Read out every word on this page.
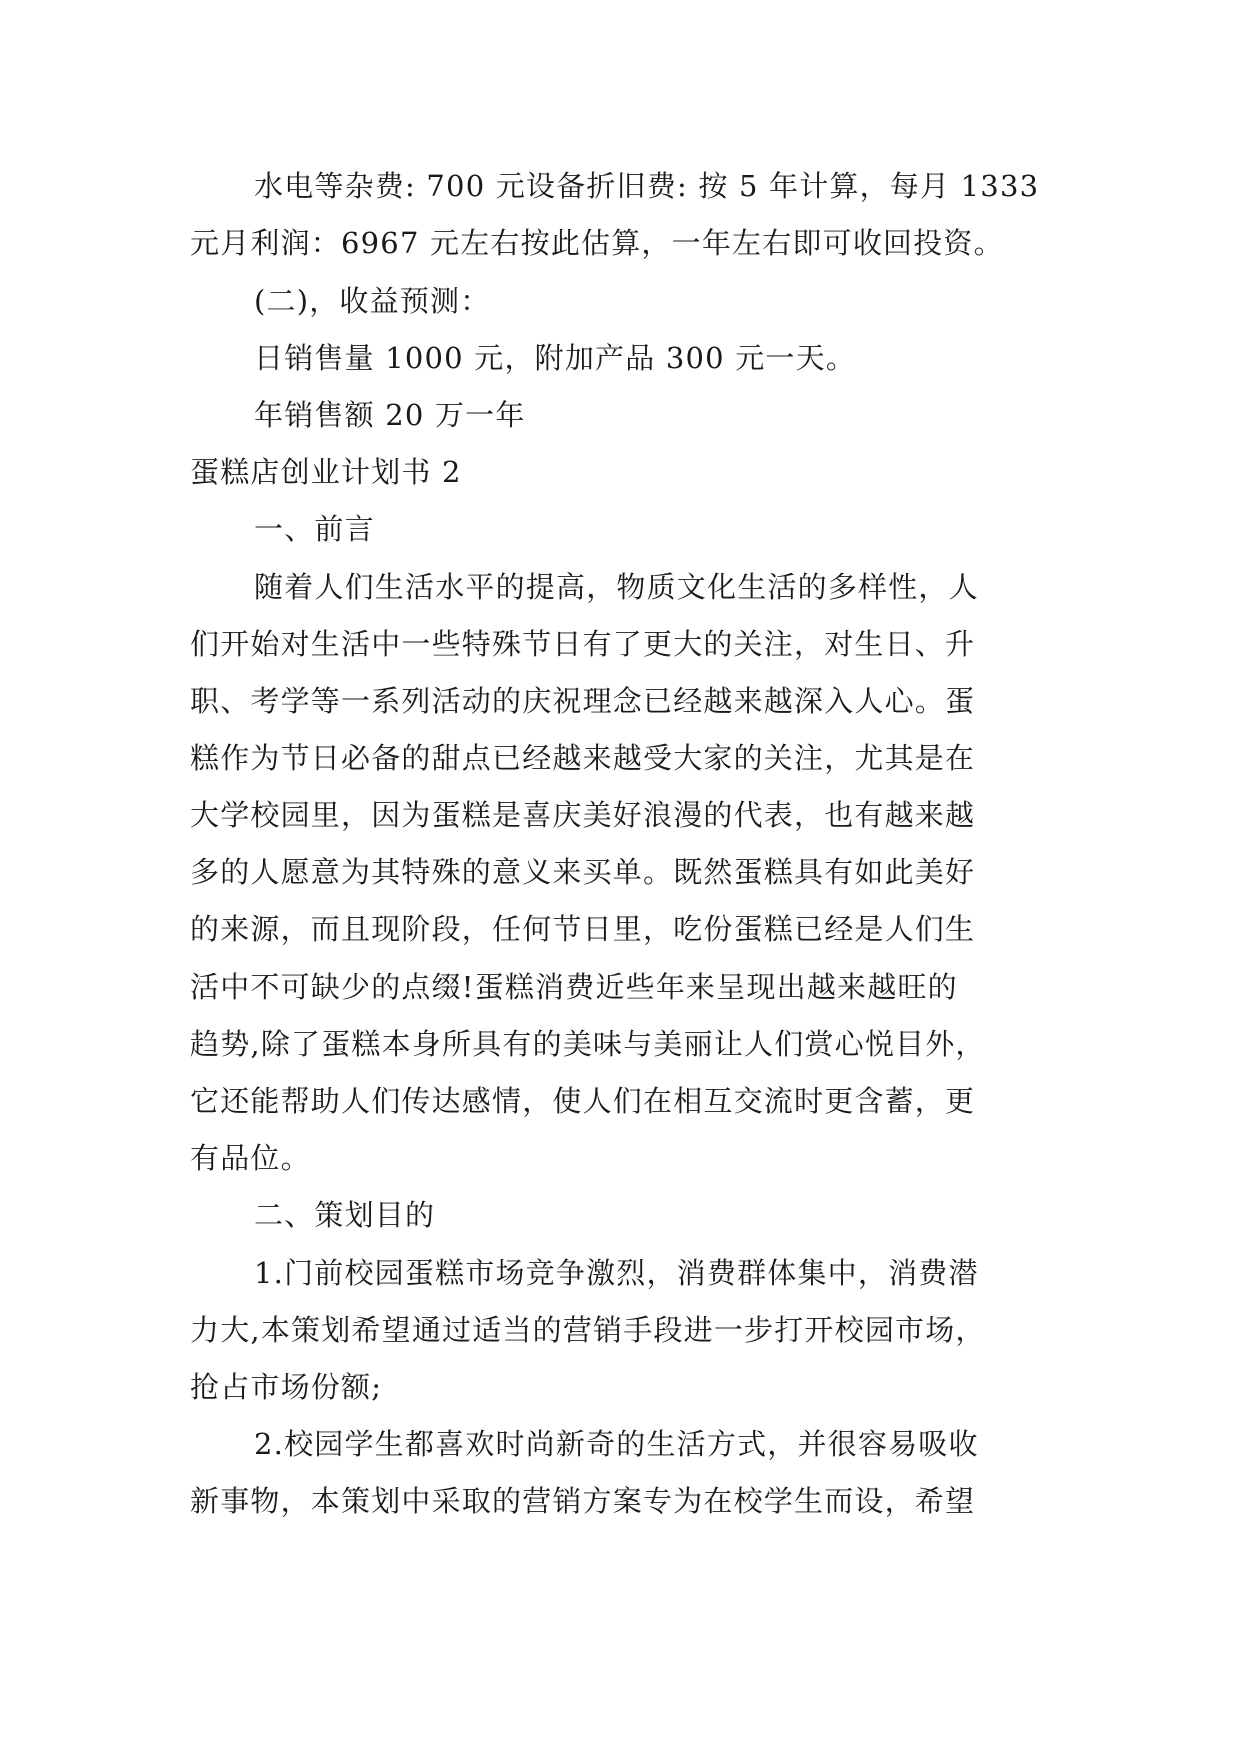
水电等杂费: 700 元设备折旧费: 按 5 年计算，每月 1333
元月利润：6967 元左右按此估算，一年左右即可收回投资。
(二)，收益预测：
日销售量 1000 元，附加产品 300 元一天。
年销售额 20 万一年
蛋糕店创业计划书 2
一、前言
随着人们生活水平的提高，物质文化生活的多样性，人
们开始对生活中一些特殊节日有了更大的关注，对生日、升
职、考学等一系列活动的庆祝理念已经越来越深入人心。蛋
糕作为节日必备的甜点已经越来越受大家的关注，尤其是在
大学校园里，因为蛋糕是喜庆美好浪漫的代表，也有越来越
多的人愿意为其特殊的意义来买单。既然蛋糕具有如此美好
的来源，而且现阶段，任何节日里，吃份蛋糕已经是人们生
活中不可缺少的点缀!蛋糕消费近些年来呈现出越来越旺的
趋势,除了蛋糕本身所具有的美味与美丽让人们赏心悦目外，
它还能帮助人们传达感情，使人们在相互交流时更含蓄，更
有品位。
二、策划目的
1.门前校园蛋糕市场竞争激烈，消费群体集中，消费潜
力大,本策划希望通过适当的营销手段进一步打开校园市场，
抢占市场份额;
2.校园学生都喜欢时尚新奇的生活方式，并很容易吸收
新事物，本策划中采取的营销方案专为在校学生而设，希望
